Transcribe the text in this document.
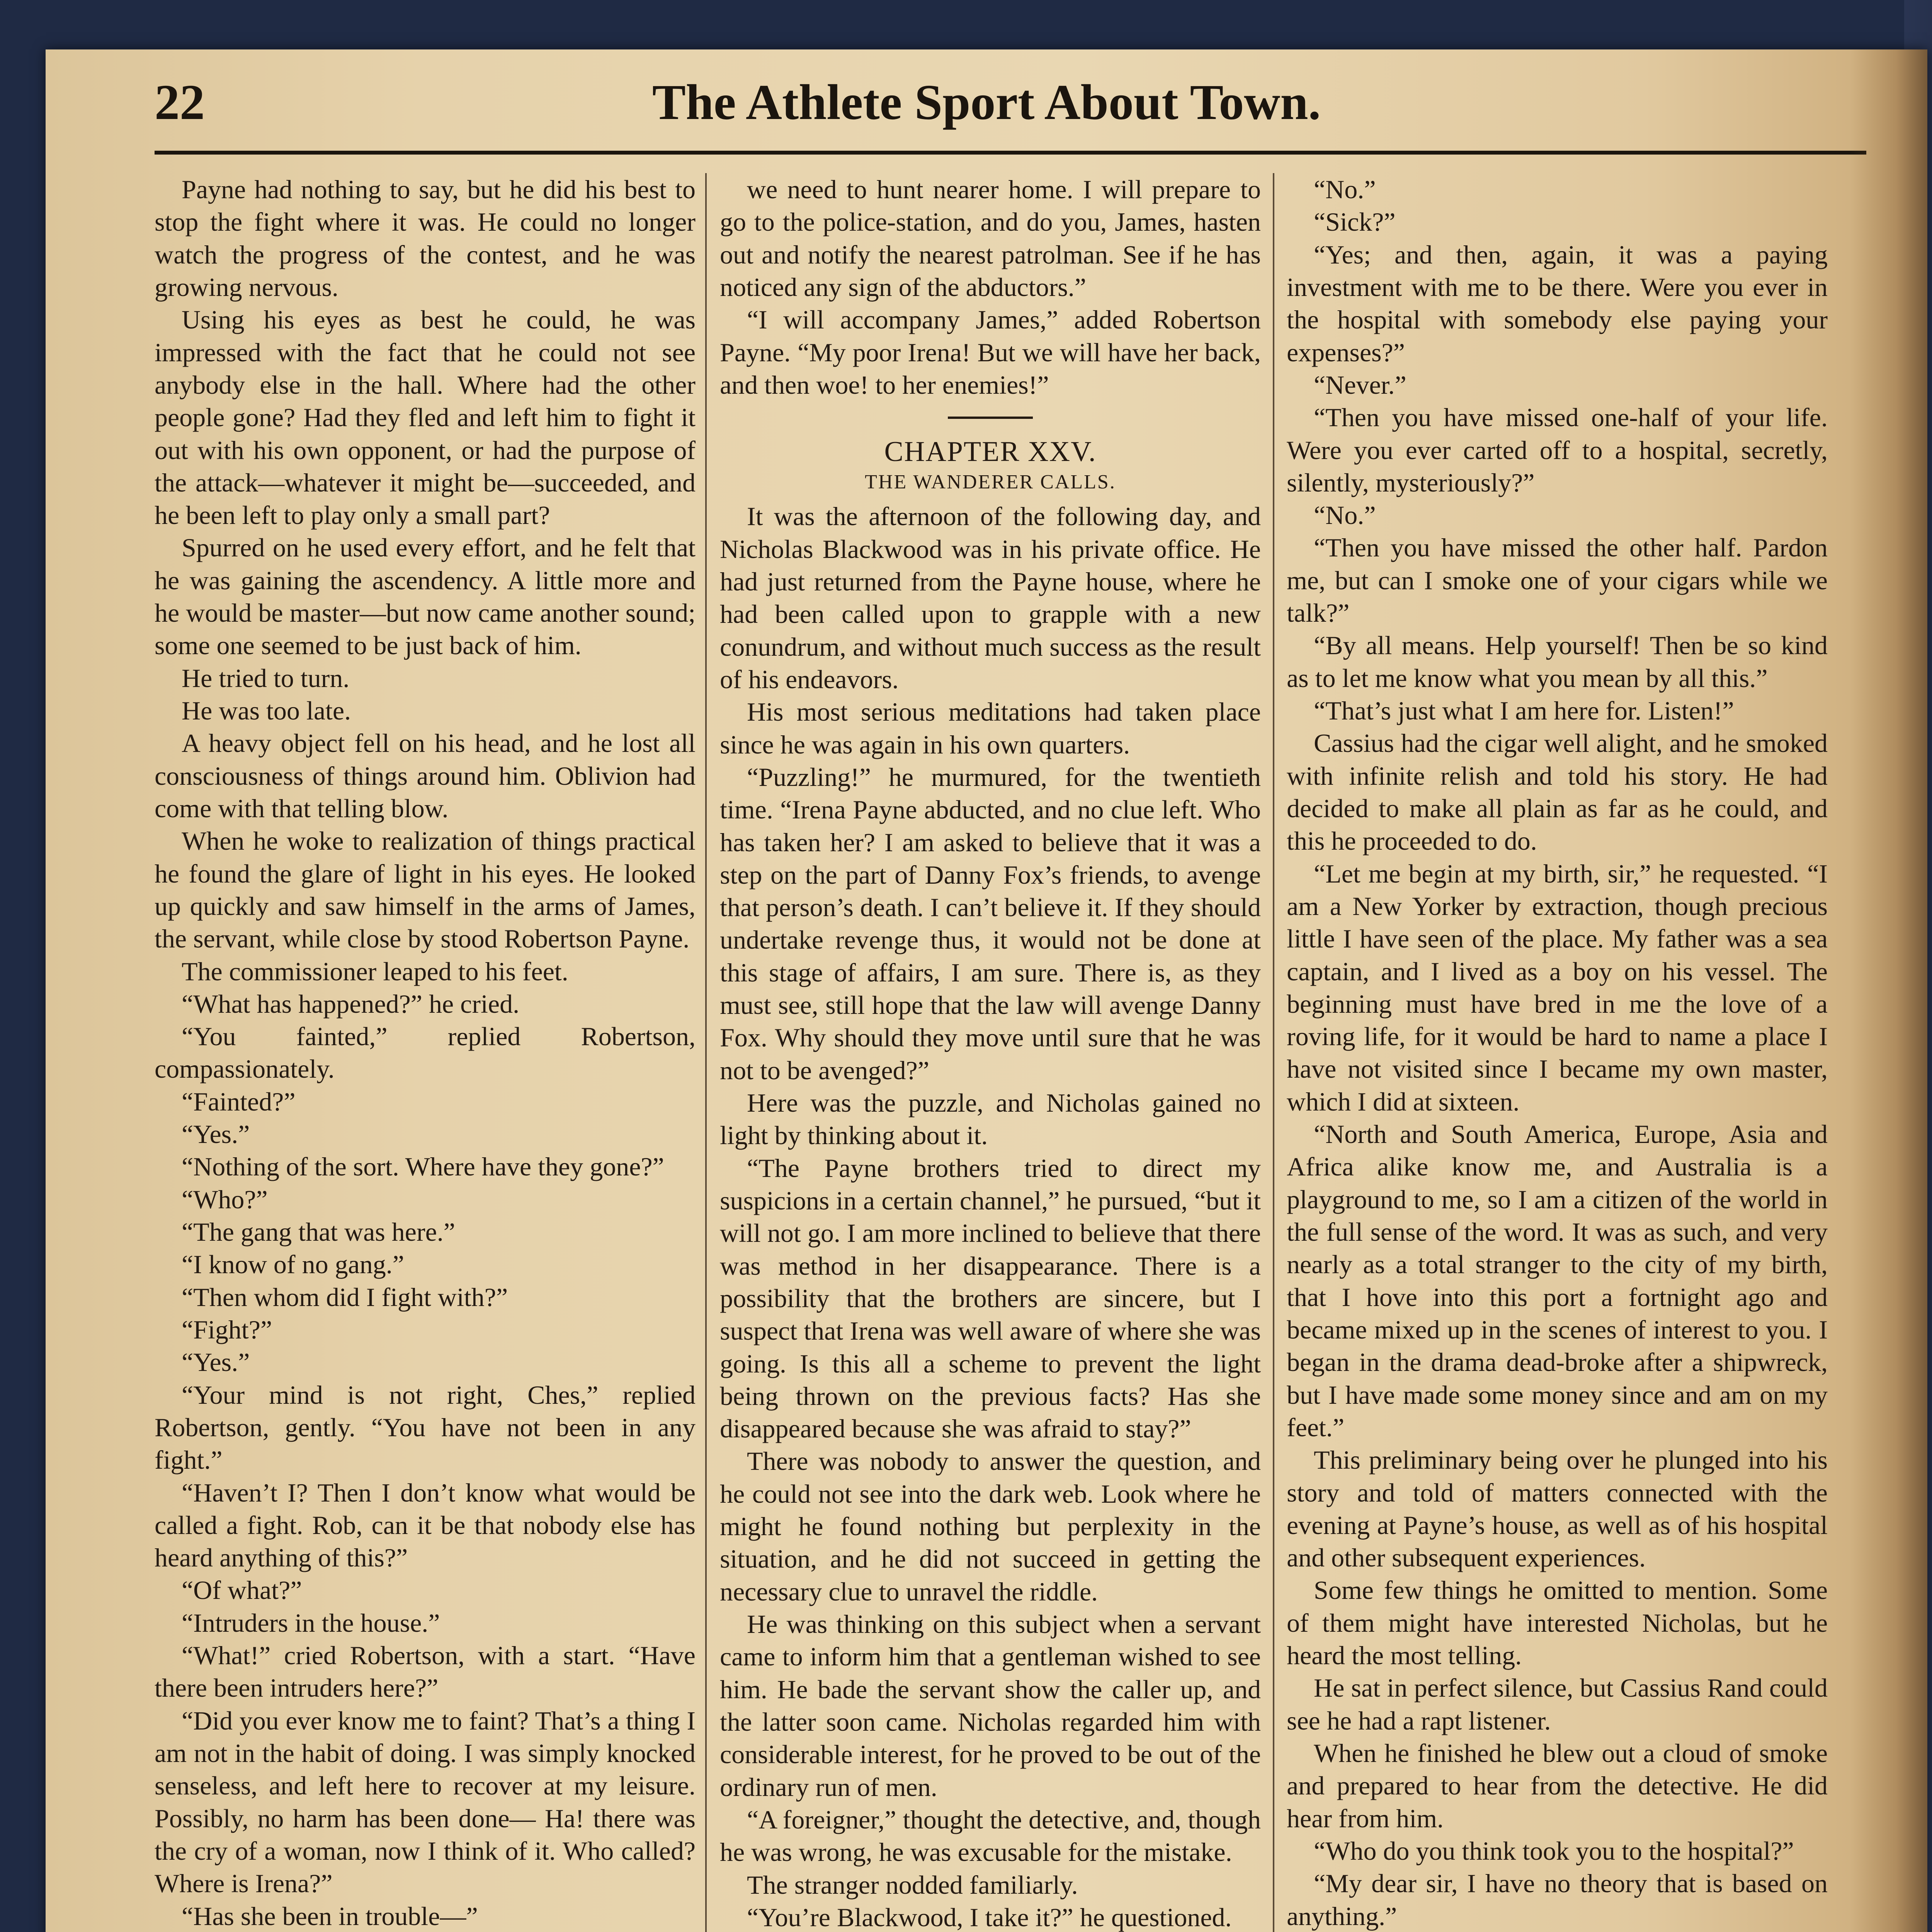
22	The Athlete Sport About Town.

Payne had nothing to say, but he did his best to stop the fight where it was. He could no longer watch the progress of the contest, and he was growing nervous.

Using his eyes as best he could, he was impressed with the fact that he could not see anybody else in the hall. Where had the other people gone? Had they fled and left him to fight it out with his own opponent, or had the purpose of the attack—whatever it might be—succeeded, and he been left to play only a small part?

Spurred on he used every effort, and he felt that he was gaining the ascendency. A little more and he would be master—but now came another sound; some one seemed to be just back of him.

He tried to turn.

He was too late.

A heavy object fell on his head, and he lost all consciousness of things around him. Oblivion had come with that telling blow.

When he woke to realization of things practical he found the glare of light in his eyes. He looked up quickly and saw himself in the arms of James, the servant, while close by stood Robertson Payne.

The commissioner leaped to his feet.

“What has happened?” he cried.

“You fainted,” replied Robertson, compassionately.

“Fainted?”

“Yes.”

“Nothing of the sort. Where have they gone?”

“Who?”

“The gang that was here.”

“I know of no gang.”

“Then whom did I fight with?”

“Fight?”

“Yes.”

“Your mind is not right, Ches,” replied Robertson, gently. “You have not been in any fight.”

“Haven’t I? Then I don’t know what would be called a fight. Rob, can it be that nobody else has heard anything of this?”

“Of what?”

“Intruders in the house.”

“What!” cried Robertson, with a start. “Have there been intruders here?”

“Did you ever know me to faint? That’s a thing I am not in the habit of doing. I was simply knocked senseless, and left here to recover at my leisure. Possibly, no harm has been done— Ha! there was the cry of a woman, now I think of it. Who called? Where is Irena?”

“Has she been in trouble—”

we need to hunt nearer home. I will prepare to go to the police-station, and do you, James, hasten out and notify the nearest patrolman. See if he has noticed any sign of the abductors.”

“I will accompany James,” added Robertson Payne. “My poor Irena! But we will have her back, and then woe! to her enemies!”

CHAPTER XXV.
THE WANDERER CALLS.

It was the afternoon of the following day, and Nicholas Blackwood was in his private office. He had just returned from the Payne house, where he had been called upon to grapple with a new conundrum, and without much success as the result of his endeavors.

His most serious meditations had taken place since he was again in his own quarters.

“Puzzling!” he murmured, for the twentieth time. “Irena Payne abducted, and no clue left. Who has taken her? I am asked to believe that it was a step on the part of Danny Fox’s friends, to avenge that person’s death. I can’t believe it. If they should undertake revenge thus, it would not be done at this stage of affairs, I am sure. There is, as they must see, still hope that the law will avenge Danny Fox. Why should they move until sure that he was not to be avenged?”

Here was the puzzle, and Nicholas gained no light by thinking about it.

“The Payne brothers tried to direct my suspicions in a certain channel,” he pursued, “but it will not go. I am more inclined to believe that there was method in her disappearance. There is a possibility that the brothers are sincere, but I suspect that Irena was well aware of where she was going. Is this all a scheme to prevent the light being thrown on the previous facts? Has she disappeared because she was afraid to stay?”

There was nobody to answer the question, and he could not see into the dark web. Look where he might he found nothing but perplexity in the situation, and he did not succeed in getting the necessary clue to unravel the riddle.

He was thinking on this subject when a servant came to inform him that a gentleman wished to see him. He bade the servant show the caller up, and the latter soon came. Nicholas regarded him with considerable interest, for he proved to be out of the ordinary run of men.

“A foreigner,” thought the detective, and, though he was wrong, he was excusable for the mistake.

The stranger nodded familiarly.

“You’re Blackwood, I take it?” he questioned.

“No.”

“Sick?”

“Yes; and then, again, it was a paying investment with me to be there. Were you ever in the hospital with somebody else paying your expenses?”

“Never.”

“Then you have missed one-half of your life. Were you ever carted off to a hospital, secretly, silently, mysteriously?”

“No.”

“Then you have missed the other half. Pardon me, but can I smoke one of your cigars while we talk?”

“By all means. Help yourself! Then be so kind as to let me know what you mean by all this.”

“That’s just what I am here for. Listen!”

Cassius had the cigar well alight, and he smoked with infinite relish and told his story. He had decided to make all plain as far as he could, and this he proceeded to do.

“Let me begin at my birth, sir,” he requested. “I am a New Yorker by extraction, though precious little I have seen of the place. My father was a sea captain, and I lived as a boy on his vessel. The beginning must have bred in me the love of a roving life, for it would be hard to name a place I have not visited since I became my own master, which I did at sixteen.

“North and South America, Europe, Asia and Africa alike know me, and Australia is a playground to me, so I am a citizen of the world in the full sense of the word. It was as such, and very nearly as a total stranger to the city of my birth, that I hove into this port a fortnight ago and became mixed up in the scenes of interest to you. I began in the drama dead-broke after a shipwreck, but I have made some money since and am on my feet.”

This preliminary being over he plunged into his story and told of matters connected with the evening at Payne’s house, as well as of his hospital and other subsequent experiences.

Some few things he omitted to mention. Some of them might have interested Nicholas, but he heard the most telling.

He sat in perfect silence, but Cassius Rand could see he had a rapt listener.

When he finished he blew out a cloud of smoke and prepared to hear from the detective. He did hear from him.

“Who do you think took you to the hospital?”

“My dear sir, I have no theory that is based on anything.”
